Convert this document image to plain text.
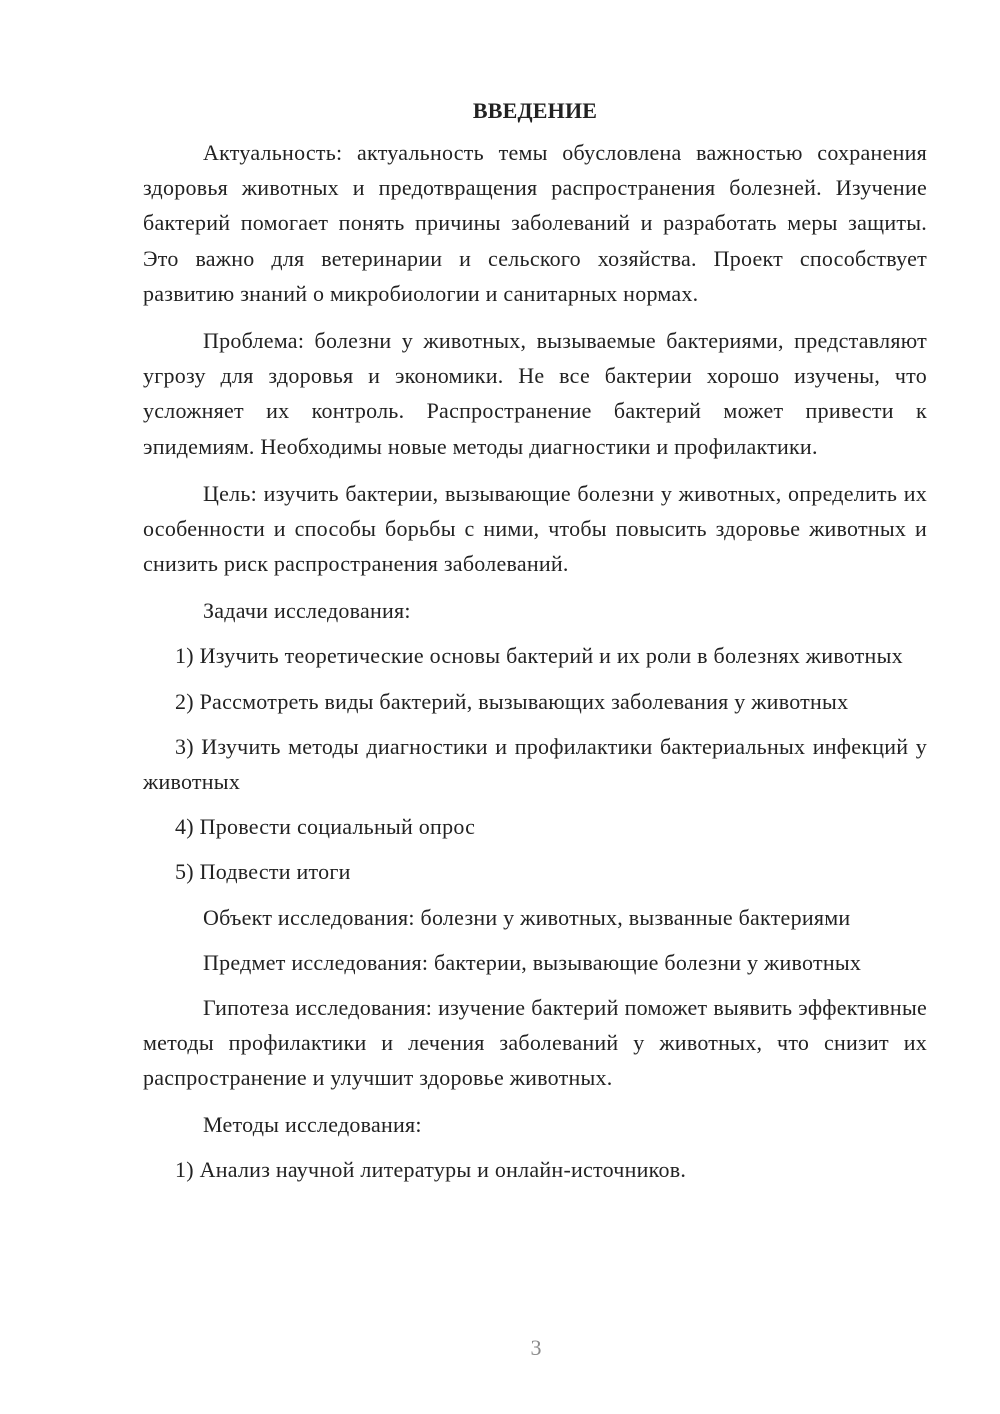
ВВЕДЕНИЕ

Актуальность: актуальность темы обусловлена важностью сохранения здоровья животных и предотвращения распространения болезней. Изучение бактерий помогает понять причины заболеваний и разработать меры защиты. Это важно для ветеринарии и сельского хозяйства. Проект способствует развитию знаний о микробиологии и санитарных нормах.

Проблема: болезни у животных, вызываемые бактериями, представляют угрозу для здоровья и экономики. Не все бактерии хорошо изучены, что усложняет их контроль. Распространение бактерий может привести к эпидемиям. Необходимы новые методы диагностики и профилактики.

Цель: изучить бактерии, вызывающие болезни у животных, определить их особенности и способы борьбы с ними, чтобы повысить здоровье животных и снизить риск распространения заболеваний.

Задачи исследования:

1) Изучить теоретические основы бактерий и их роли в болезнях животных

2) Рассмотреть виды бактерий, вызывающих заболевания у животных

3) Изучить методы диагностики и профилактики бактериальных инфекций у животных

4) Провести социальный опрос

5) Подвести итоги

Объект исследования: болезни у животных, вызванные бактериями

Предмет исследования: бактерии, вызывающие болезни у животных

Гипотеза исследования: изучение бактерий поможет выявить эффективные методы профилактики и лечения заболеваний у животных, что снизит их распространение и улучшит здоровье животных.

Методы исследования:

1) Анализ научной литературы и онлайн-источников.

3
